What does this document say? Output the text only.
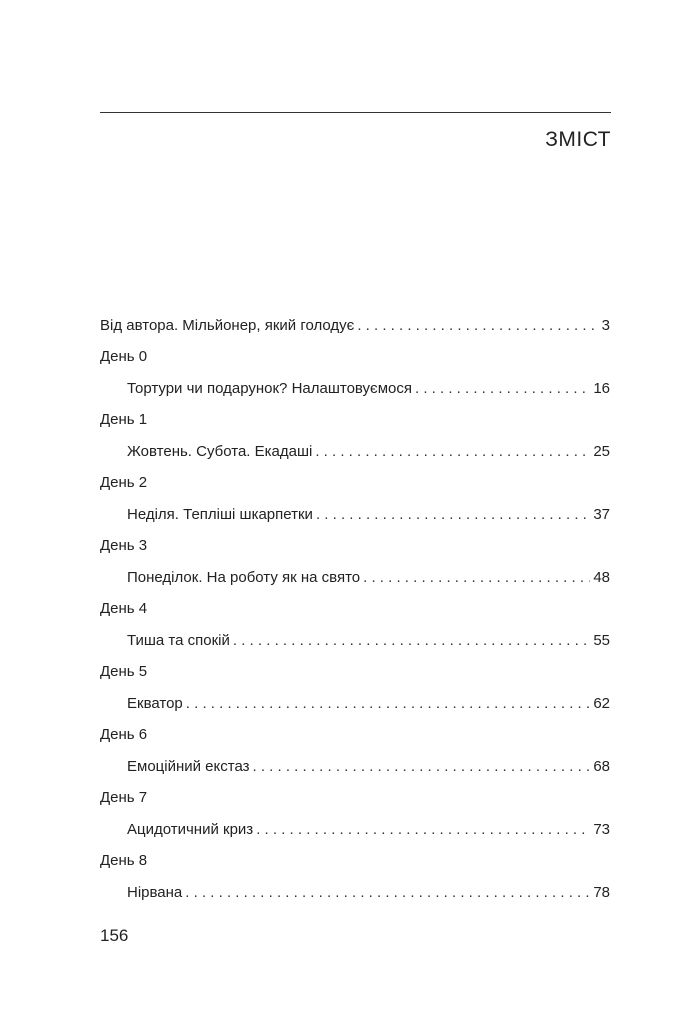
ЗМІСТ
Від автора. Мільйонер, який голодує . . .	3
День 0
Тортури чи подарунок? Налаштовуємося . . .	16
День 1
Жовтень. Субота. Екадаші . . .	25
День 2
Неділя. Тепліші шкарпетки . . .	37
День 3
Понеділок. На роботу як на свято . . .	48
День 4
Тиша та спокій . . .	55
День 5
Екватор . . .	62
День 6
Емоційний екстаз . . .	68
День 7
Ацидотичний криз . . .	73
День 8
Нірвана . . .	78
156
